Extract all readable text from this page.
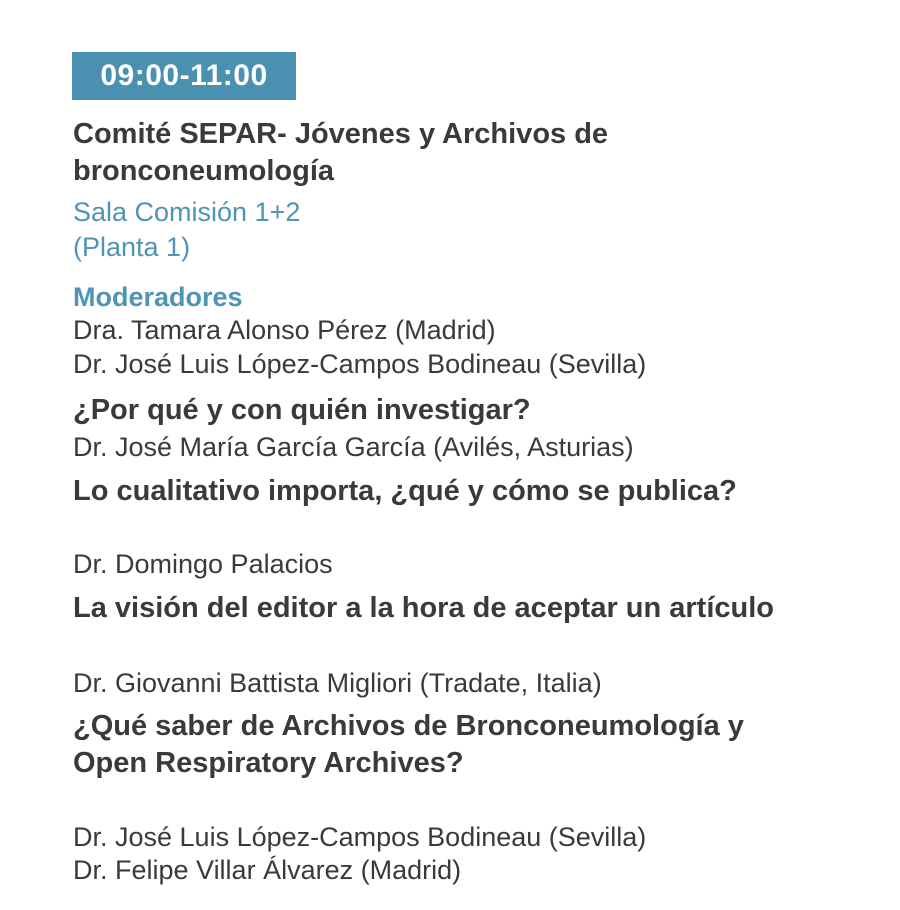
09:00-11:00
Comité SEPAR- Jóvenes y Archivos de bronconeumología

Sala Comisión 1+2

(Planta 1)

Moderadores

Dra. Tamara Alonso Pérez (Madrid)

Dr. José Luis López-Campos Bodineau (Sevilla)

¿Por qué y con quién investigar?

Dr. José María García García (Avilés, Asturias)

Lo cualitativo importa, ¿qué y cómo se publica?

Dr. Domingo Palacios

La visión del editor a la hora de aceptar un artículo

Dr. Giovanni Battista Migliori (Tradate, Italia)

¿Qué saber de Archivos de Bronconeumología y Open Respiratory Archives?

Dr. José Luis López-Campos Bodineau (Sevilla)

Dr. Felipe Villar Álvarez (Madrid)
